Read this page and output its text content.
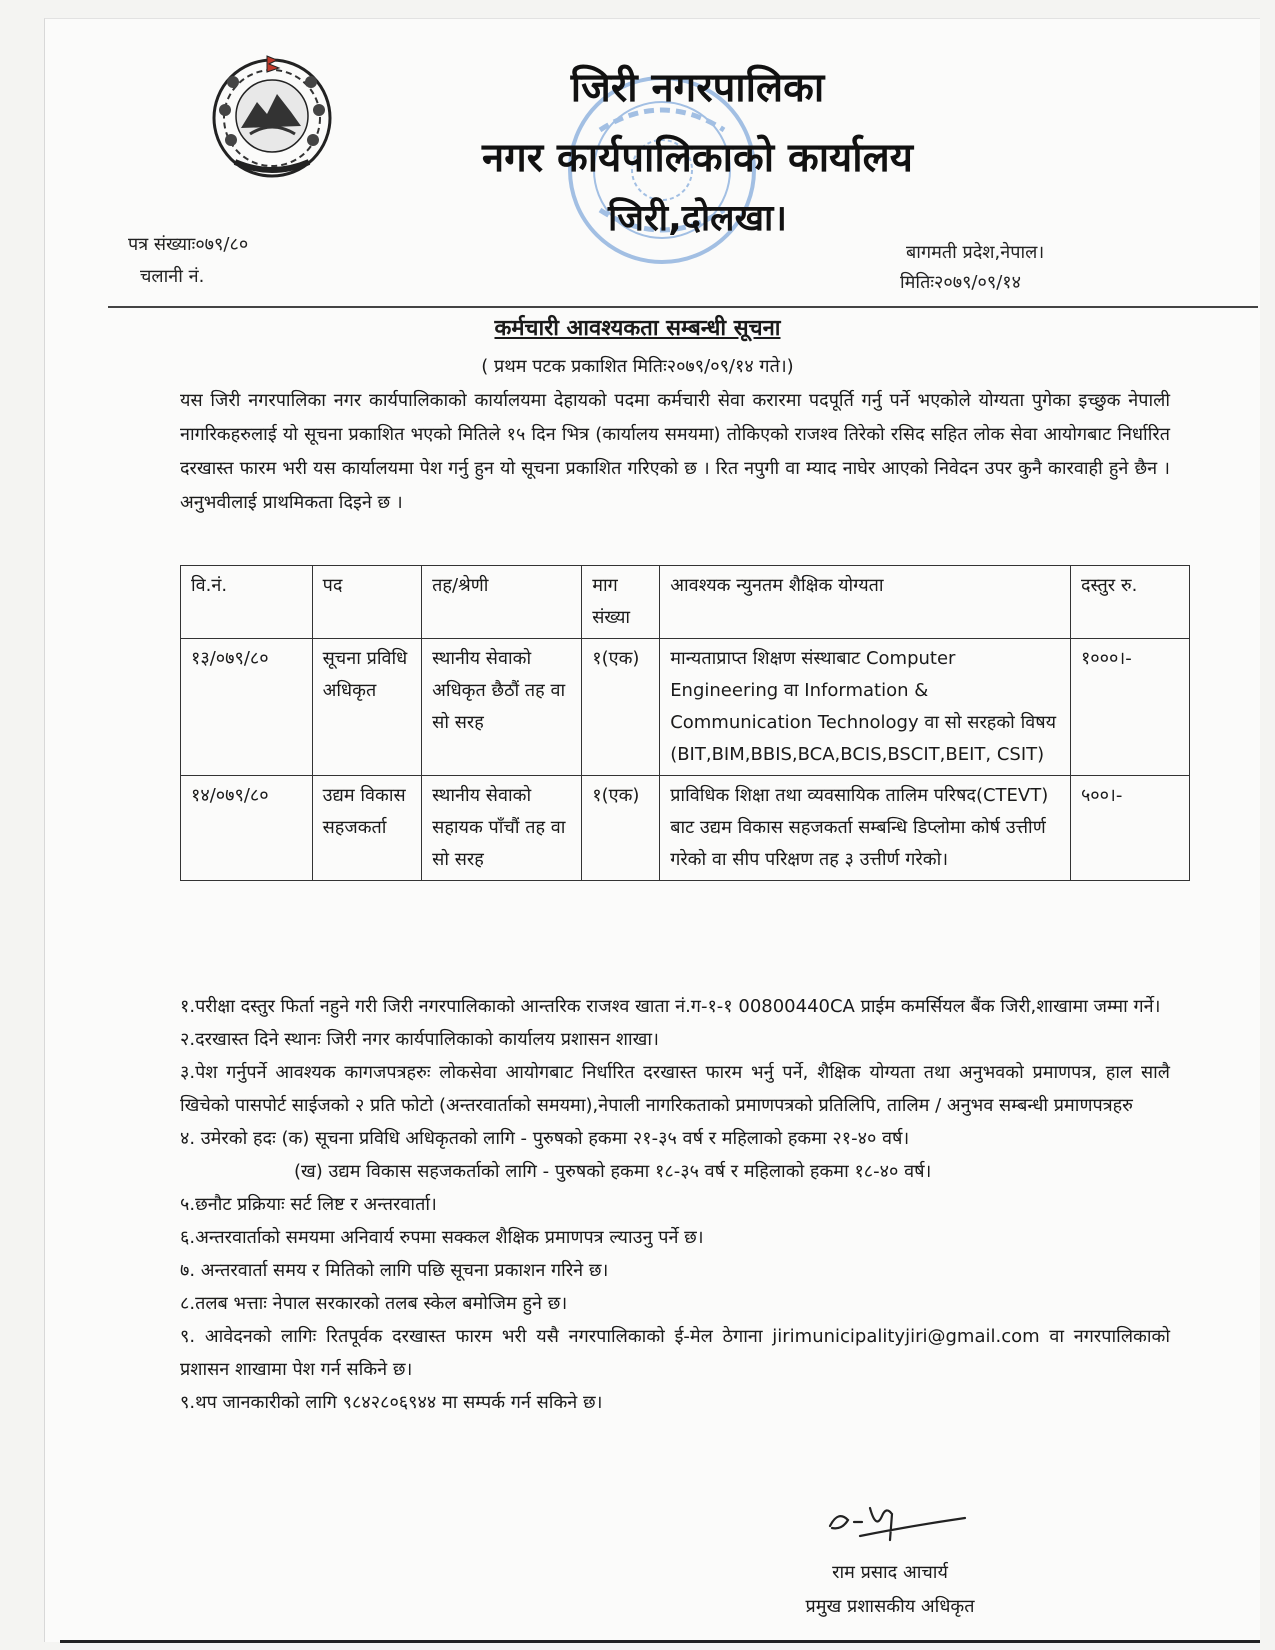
जिरी नगरपालिका
नगर कार्यपालिकाको कार्यालय
जिरी,दोलखा।
पत्र संख्याः०७९/८०
चलानी नं.
बागमती प्रदेश,नेपाल।
मितिः२०७९/०९/१४
कर्मचारी आवश्यकता सम्बन्धी सूचना
( प्रथम पटक प्रकाशित मितिः२०७९/०९/१४ गते।)
यस जिरी नगरपालिका नगर कार्यपालिकाको कार्यालयमा देहायको पदमा कर्मचारी सेवा करारमा पदपूर्ति गर्नु पर्ने भएकोले योग्यता पुगेका इच्छुक नेपाली नागरिकहरुलाई यो सूचना प्रकाशित भएको मितिले १५ दिन भित्र (कार्यालय समयमा) तोकिएको राजश्व तिरेको रसिद सहित लोक सेवा आयोगबाट निर्धारित दरखास्त फारम भरी यस कार्यालयमा पेश गर्नु हुन यो सूचना प्रकाशित गरिएको छ । रित नपुगी वा म्याद नाघेर आएको निवेदन उपर कुनै कारवाही हुने छैन । अनुभवीलाई प्राथमिकता दिइने छ ।
वि.नं.	पद	तह/श्रेणी	माग संख्या	आवश्यक न्युनतम शैक्षिक योग्यता	दस्तुर रु.
१३/०७९/८०	सूचना प्रविधि अधिकृत	स्थानीय सेवाको अधिकृत छैठौं तह वा सो सरह	१(एक)	मान्यताप्राप्त शिक्षण संस्थाबाट Computer Engineering वा Information & Communication Technology वा सो सरहको विषय (BIT,BIM,BBIS,BCA,BCIS,BSCIT,BEIT, CSIT)	१०००।-
१४/०७९/८०	उद्यम विकास सहजकर्ता	स्थानीय सेवाको सहायक पाँचौं तह वा सो सरह	१(एक)	प्राविधिक शिक्षा तथा व्यवसायिक तालिम परिषद(CTEVT) बाट उद्यम विकास सहजकर्ता सम्बन्धि डिप्लोमा कोर्ष उत्तीर्ण गरेको वा सीप परिक्षण तह ३ उत्तीर्ण गरेको।	५००।-

१.परीक्षा दस्तुर फिर्ता नहुने गरी जिरी नगरपालिकाको आन्तरिक राजश्व खाता नं.ग-१-१ 00800440CA प्राईम कमर्सियल बैंक जिरी,शाखामा जम्मा गर्ने।

२.दरखास्त दिने स्थानः जिरी नगर कार्यपालिकाको कार्यालय प्रशासन शाखा।

३.पेश गर्नुपर्ने आवश्यक कागजपत्रहरुः लोकसेवा आयोगबाट निर्धारित दरखास्त फारम भर्नु पर्ने, शैक्षिक योग्यता तथा अनुभवको प्रमाणपत्र, हाल सालै खिचेको पासपोर्ट साईजको २ प्रति फोटो (अन्तरवार्ताको समयमा),नेपाली नागरिकताको प्रमाणपत्रको प्रतिलिपि, तालिम / अनुभव सम्बन्धी प्रमाणपत्रहरु

४. उमेरको हदः (क) सूचना प्रविधि अधिकृतको लागि - पुरुषको हकमा २१-३५ वर्ष र महिलाको हकमा २१-४० वर्ष।

(ख) उद्यम विकास सहजकर्ताको लागि - पुरुषको हकमा १८-३५ वर्ष र महिलाको हकमा १८-४० वर्ष।

५.छनौट प्रक्रियाः सर्ट लिष्ट र अन्तरवार्ता।

६.अन्तरवार्ताको समयमा अनिवार्य रुपमा सक्कल शैक्षिक प्रमाणपत्र ल्याउनु पर्ने छ।

७. अन्तरवार्ता समय र मितिको लागि पछि सूचना प्रकाशन गरिने छ।

८.तलब भत्ताः नेपाल सरकारको तलब स्केल बमोजिम हुने छ।

९. आवेदनको लागिः रितपूर्वक दरखास्त फारम भरी यसै नगरपालिकाको ई-मेल ठेगाना jirimunicipalityjiri@gmail.com वा नगरपालिकाको प्रशासन शाखामा पेश गर्न सकिने छ।

९.थप जानकारीको लागि ९८४२८०६९४४ मा सम्पर्क गर्न सकिने छ।

राम प्रसाद आचार्य
प्रमुख प्रशासकीय अधिकृत
